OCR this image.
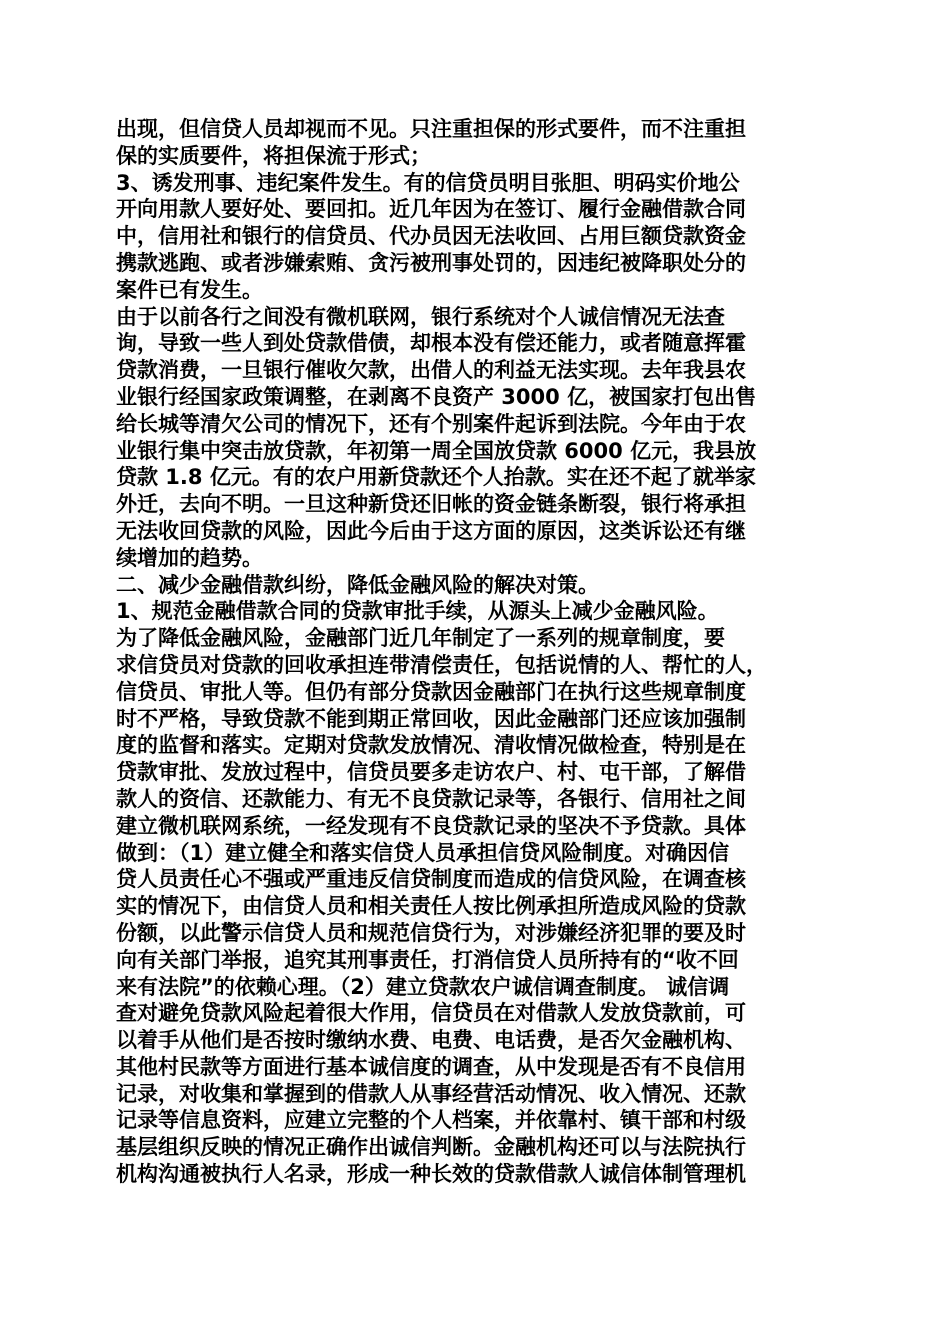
出现，但信贷人员却视而不见。只注重担保的形式要件，而不注重担
保的实质要件，将担保流于形式；
3、诱发刑事、违纪案件发生。有的信贷员明目张胆、明码实价地公
开向用款人要好处、要回扣。近几年因为在签订、履行金融借款合同
中，信用社和银行的信贷员、代办员因无法收回、占用巨额贷款资金
携款逃跑、或者涉嫌索贿、贪污被刑事处罚的，因违纪被降职处分的
案件已有发生。
由于以前各行之间没有微机联网，银行系统对个人诚信情况无法查
询，导致一些人到处贷款借债，却根本没有偿还能力，或者随意挥霍
贷款消费，一旦银行催收欠款，出借人的利益无法实现。去年我县农
业银行经国家政策调整，在剥离不良资产 3000 亿，被国家打包出售
给长城等清欠公司的情况下，还有个别案件起诉到法院。今年由于农
业银行集中突击放贷款，年初第一周全国放贷款 6000 亿元，我县放
贷款 1.8 亿元。有的农户用新贷款还个人抬款。实在还不起了就举家
外迁，去向不明。一旦这种新贷还旧帐的资金链条断裂，银行将承担
无法收回贷款的风险，因此今后由于这方面的原因，这类诉讼还有继
续增加的趋势。
二、减少金融借款纠纷，降低金融风险的解决对策。
1、规范金融借款合同的贷款审批手续，从源头上减少金融风险。
为了降低金融风险，金融部门近几年制定了一系列的规章制度，要
求信贷员对贷款的回收承担连带清偿责任，包括说情的人、帮忙的人，
信贷员、审批人等。但仍有部分贷款因金融部门在执行这些规章制度
时不严格，导致贷款不能到期正常回收，因此金融部门还应该加强制
度的监督和落实。定期对贷款发放情况、清收情况做检查，特别是在
贷款审批、发放过程中，信贷员要多走访农户、村、屯干部，了解借
款人的资信、还款能力、有无不良贷款记录等，各银行、信用社之间
建立微机联网系统，一经发现有不良贷款记录的坚决不予贷款。具体
做到：（1）建立健全和落实信贷人员承担信贷风险制度。对确因信
贷人员责任心不强或严重违反信贷制度而造成的信贷风险，在调查核
实的情况下，由信贷人员和相关责任人按比例承担所造成风险的贷款
份额，以此警示信贷人员和规范信贷行为，对涉嫌经济犯罪的要及时
向有关部门举报，追究其刑事责任，打消信贷人员所持有的“收不回
来有法院”的依赖心理。（2）建立贷款农户诚信调查制度。 诚信调
查对避免贷款风险起着很大作用，信贷员在对借款人发放贷款前，可
以着手从他们是否按时缴纳水费、电费、电话费，是否欠金融机构、
其他村民款等方面进行基本诚信度的调查，从中发现是否有不良信用
记录，对收集和掌握到的借款人从事经营活动情况、收入情况、还款
记录等信息资料，应建立完整的个人档案，并依靠村、镇干部和村级
基层组织反映的情况正确作出诚信判断。金融机构还可以与法院执行
机构沟通被执行人名录，形成一种长效的贷款借款人诚信体制管理机
